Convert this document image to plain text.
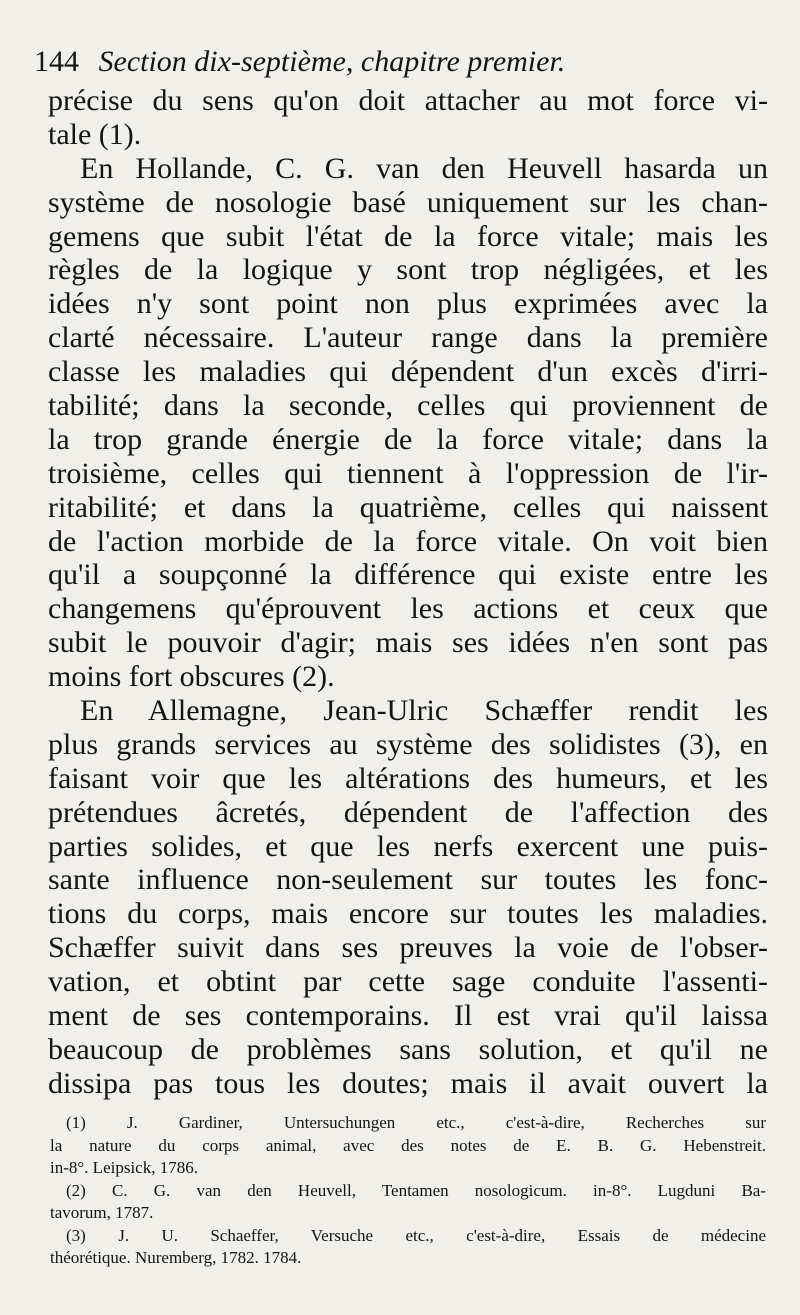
144 Section dix-septième, chapitre premier.
précise du sens qu'on doit attacher au mot force vi-
tale (1).
En Hollande, C. G. van den Heuvell hasarda un
système de nosologie basé uniquement sur les chan-
gemens que subit l'état de la force vitale; mais les
règles de la logique y sont trop négligées, et les
idées n'y sont point non plus exprimées avec la
clarté nécessaire. L'auteur range dans la première
classe les maladies qui dépendent d'un excès d'irri-
tabilité; dans la seconde, celles qui proviennent de
la trop grande énergie de la force vitale; dans la
troisième, celles qui tiennent à l'oppression de l'ir-
ritabilité; et dans la quatrième, celles qui naissent
de l'action morbide de la force vitale. On voit bien
qu'il a soupçonné la différence qui existe entre les
changemens qu'éprouvent les actions et ceux que
subit le pouvoir d'agir; mais ses idées n'en sont pas
moins fort obscures (2).
En Allemagne, Jean-Ulric Schæffer rendit les
plus grands services au système des solidistes (3), en
faisant voir que les altérations des humeurs, et les
prétendues âcretés, dépendent de l'affection des
parties solides, et que les nerfs exercent une puis-
sante influence non-seulement sur toutes les fonc-
tions du corps, mais encore sur toutes les maladies.
Schæffer suivit dans ses preuves la voie de l'obser-
vation, et obtint par cette sage conduite l'assenti-
ment de ses contemporains. Il est vrai qu'il laissa
beaucoup de problèmes sans solution, et qu'il ne
dissipa pas tous les doutes; mais il avait ouvert la
(1) J. Gardiner, Untersuchungen etc., c'est-à-dire, Recherches sur
la nature du corps animal, avec des notes de E. B. G. Hebenstreit.
in-8°. Leipsick, 1786.
(2) C. G. van den Heuvell, Tentamen nosologicum. in-8°. Lugduni Ba-
tavorum, 1787.
(3) J. U. Schaeffer, Versuche etc., c'est-à-dire, Essais de médecine
théorétique. Nuremberg, 1782. 1784.
